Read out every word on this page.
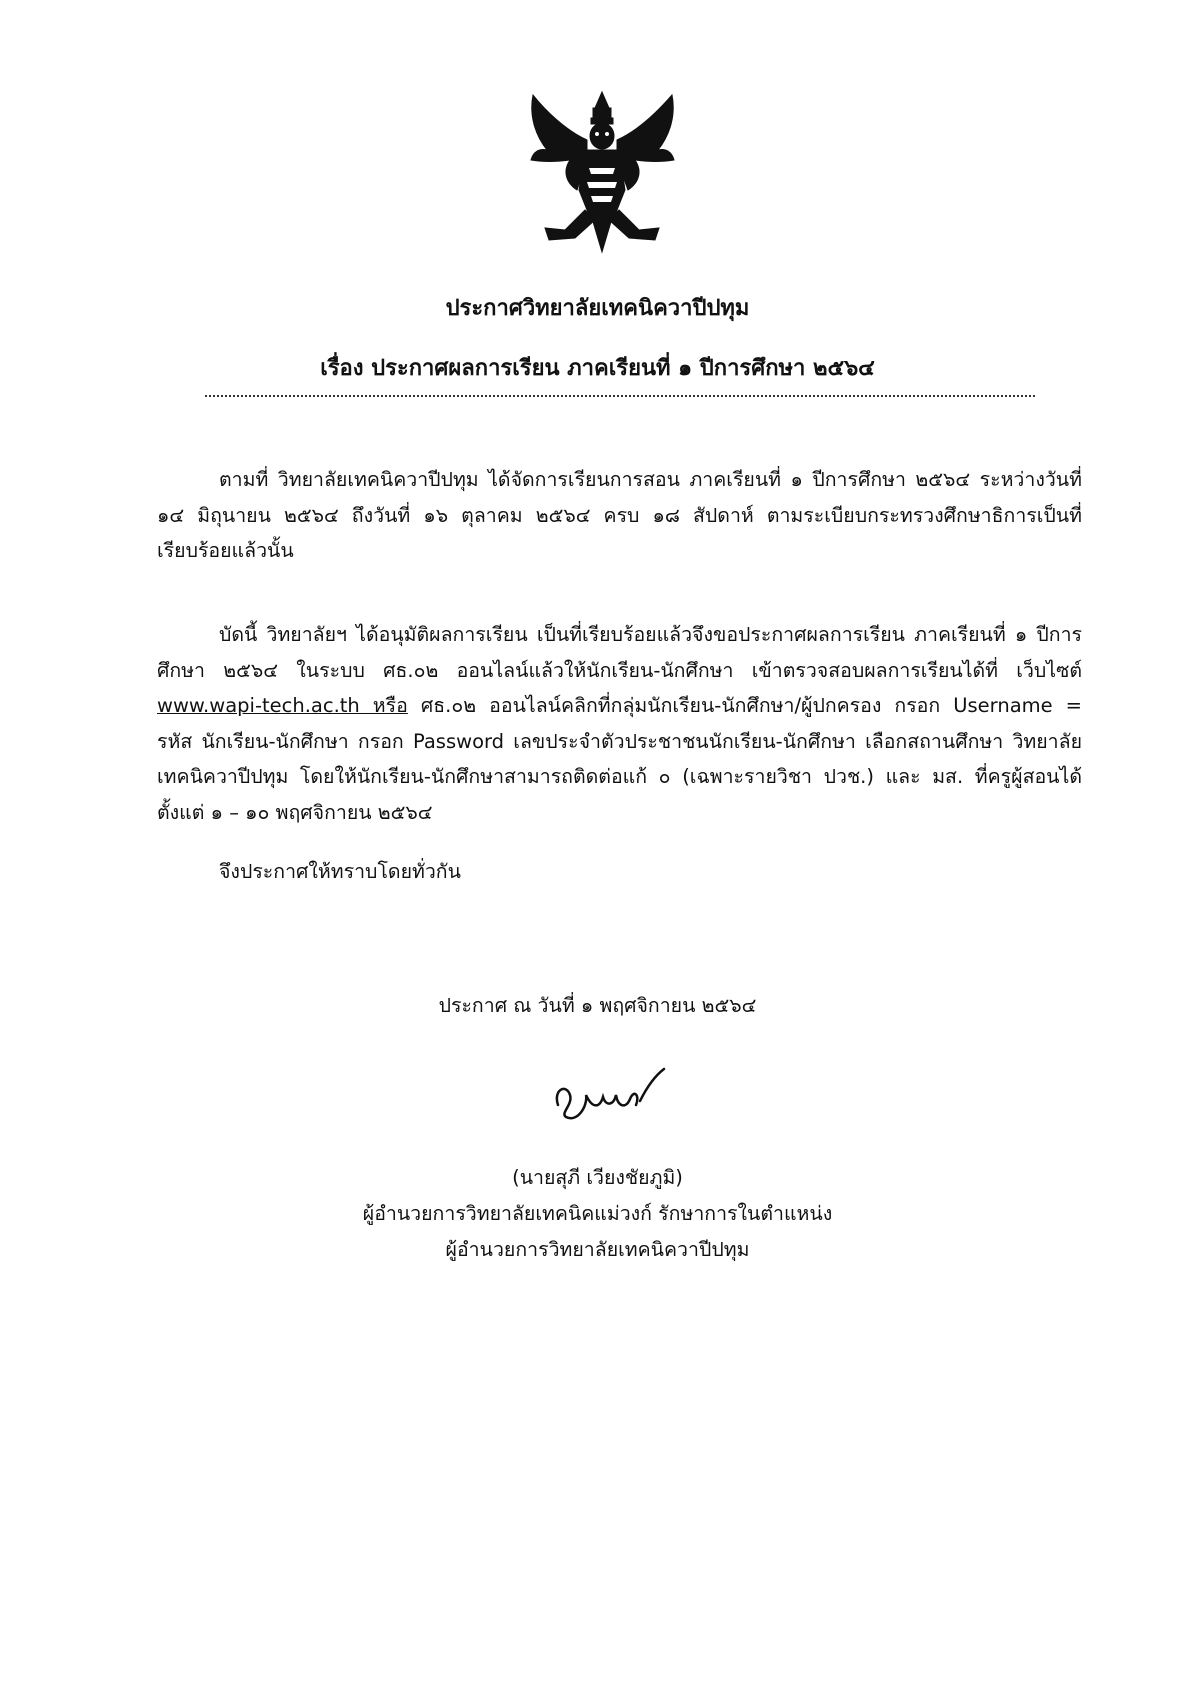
ประกาศวิทยาลัยเทคนิควาปีปทุม
เรื่อง ประกาศผลการเรียน ภาคเรียนที่ ๑ ปีการศึกษา ๒๕๖๔
ตามที่ วิทยาลัยเทคนิควาปีปทุม ได้จัดการเรียนการสอน ภาคเรียนที่ ๑ ปีการศึกษา ๒๕๖๔ ระหว่างวันที่ ๑๔ มิถุนายน ๒๕๖๔ ถึงวันที่ ๑๖ ตุลาคม ๒๕๖๔ ครบ ๑๘ สัปดาห์ ตามระเบียบกระทรวงศึกษาธิการเป็นที่เรียบร้อยแล้วนั้น
บัดนี้ วิทยาลัยฯ ได้อนุมัติผลการเรียน เป็นที่เรียบร้อยแล้วจึงขอประกาศผลการเรียน ภาคเรียนที่ ๑ ปีการศึกษา ๒๕๖๔ ในระบบ ศธ.๐๒ ออนไลน์แล้วให้นักเรียน-นักศึกษา เข้าตรวจสอบผลการเรียนได้ที่ เว็บไซต์ www.wapi-tech.ac.th หรือ ศธ.๐๒ ออนไลน์คลิกที่กลุ่มนักเรียน-นักศึกษา/ผู้ปกครอง กรอก Username = รหัส นักเรียน-นักศึกษา กรอก Password เลขประจำตัวประชาชนนักเรียน-นักศึกษา เลือกสถานศึกษา วิทยาลัยเทคนิควาปีปทุม โดยให้นักเรียน-นักศึกษาสามารถติดต่อแก้ ๐ (เฉพาะรายวิชา ปวช.) และ มส. ที่ครูผู้สอนได้ ตั้งแต่ ๑ – ๑๐ พฤศจิกายน ๒๕๖๔
จึงประกาศให้ทราบโดยทั่วกัน
ประกาศ ณ วันที่ ๑ พฤศจิกายน ๒๕๖๔
(นายสุภี เวียงชัยภูมิ)
ผู้อำนวยการวิทยาลัยเทคนิคแม่วงก์ รักษาการในตำแหน่ง
ผู้อำนวยการวิทยาลัยเทคนิควาปีปทุม
